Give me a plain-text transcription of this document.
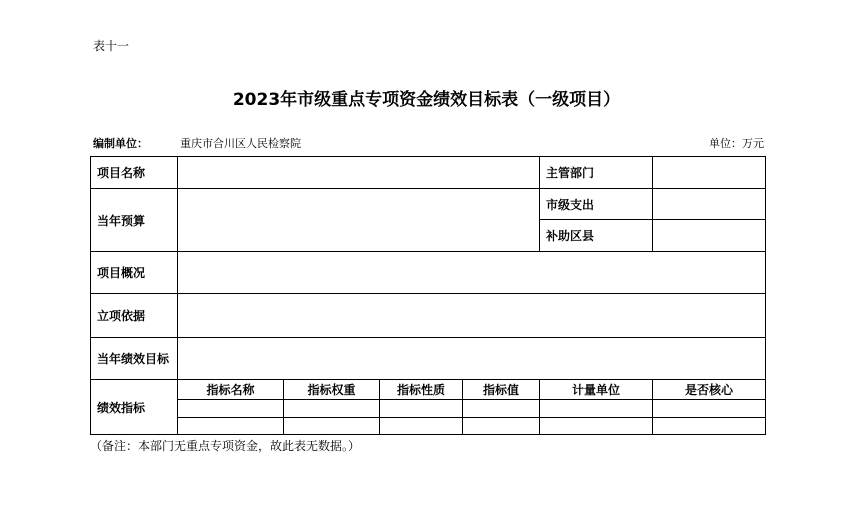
表十一
2023年市级重点专项资金绩效目标表（一级项目）
编制单位：	重庆市合川区人民检察院	单位：万元
项目名称					主管部门	
当年预算					市级支出	
					补助区县	
项目概况						
立项依据						
当年绩效目标						
绩效指标	指标名称	指标权重	指标性质	指标值	计量单位	是否核心

（备注：本部门无重点专项资金，故此表无数据。）
